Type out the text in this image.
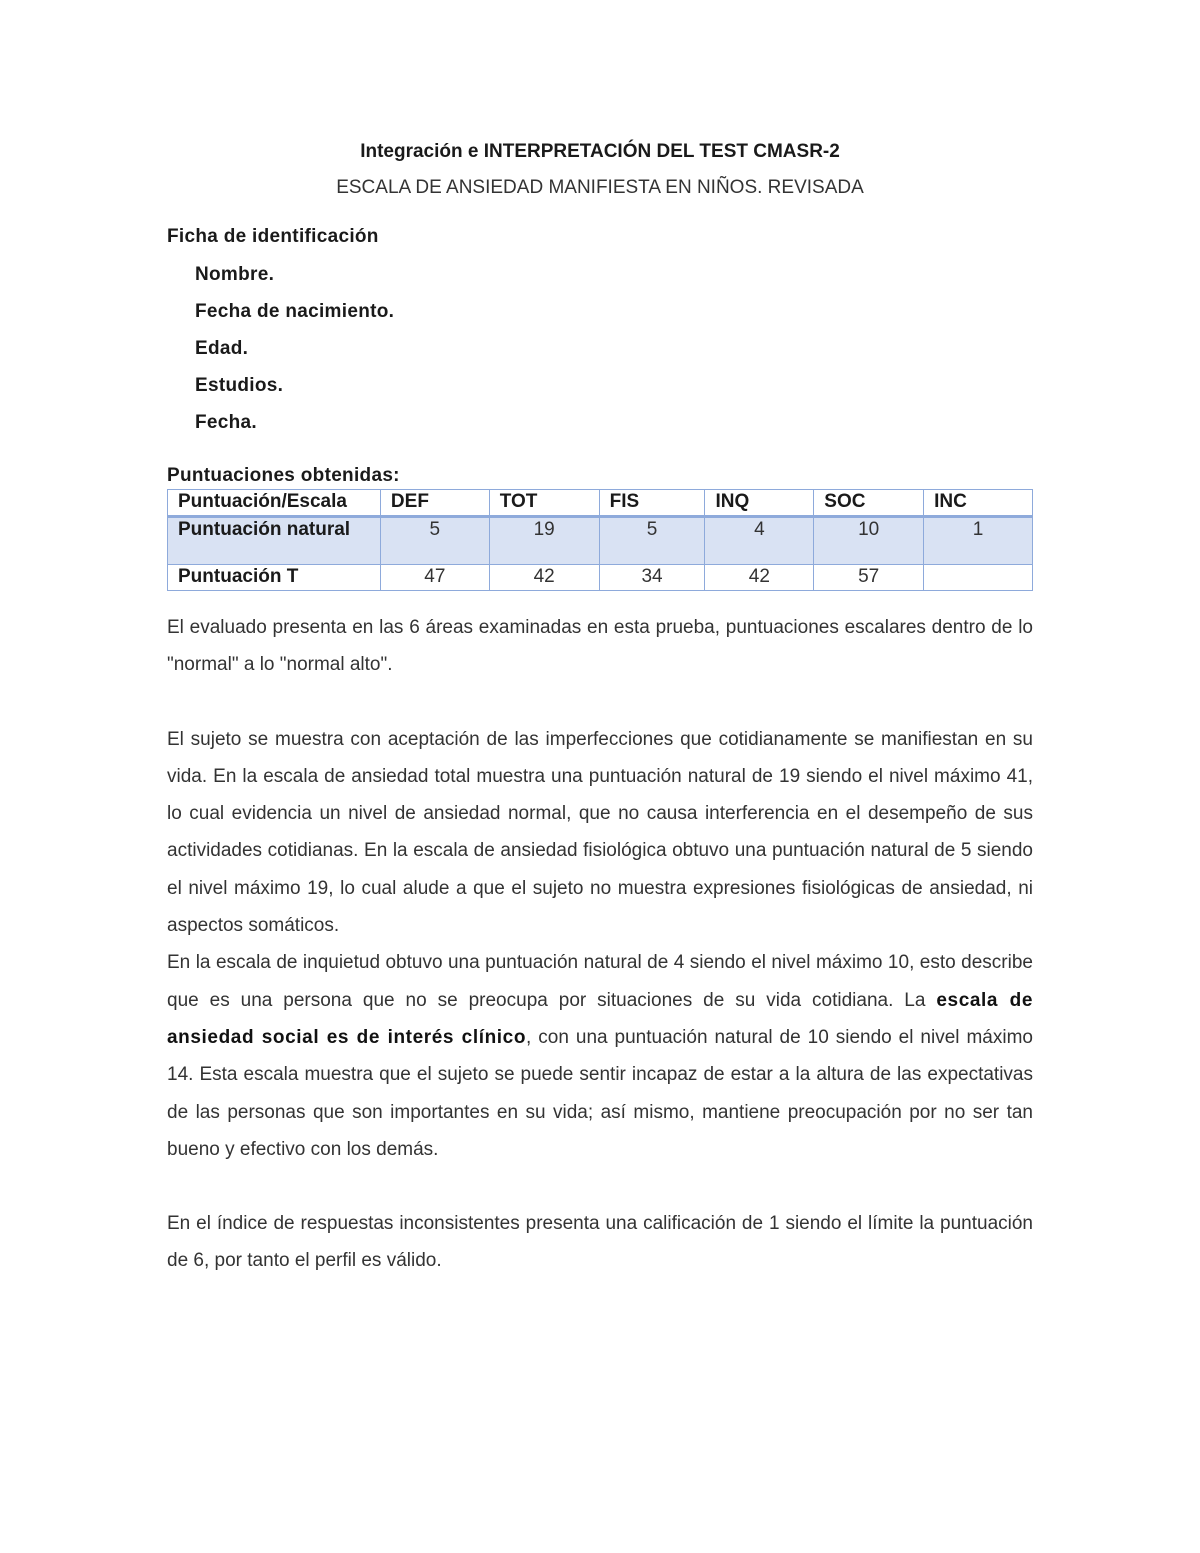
Integración e INTERPRETACIÓN DEL TEST CMASR-2

ESCALA DE ANSIEDAD MANIFIESTA EN NIÑOS. REVISADA

Ficha de identificación

Nombre.
Fecha de nacimiento.
Edad.
Estudios.
Fecha.

Puntuaciones obtenidas:

Puntuación/Escala	DEF	TOT	FIS	INQ	SOC	INC
Puntuación natural	5	19	5	4	10	1
Puntuación T	47	42	34	42	57	

El evaluado presenta en las 6 áreas examinadas en esta prueba, puntuaciones escalares dentro de lo "normal" a lo "normal alto".

El sujeto se muestra con aceptación de las imperfecciones que cotidianamente se manifiestan en su vida. En la escala de ansiedad total muestra una puntuación natural de 19 siendo el nivel máximo 41, lo cual evidencia un nivel de ansiedad normal, que no causa interferencia en el desempeño de sus actividades cotidianas. En la escala de ansiedad fisiológica obtuvo una puntuación natural de 5 siendo el nivel máximo 19, lo cual alude a que el sujeto no muestra expresiones fisiológicas de ansiedad, ni aspectos somáticos.

En la escala de inquietud obtuvo una puntuación natural de 4 siendo el nivel máximo 10, esto describe que es una persona que no se preocupa por situaciones de su vida cotidiana. La escala de ansiedad social es de interés clínico, con una puntuación natural de 10 siendo el nivel máximo 14. Esta escala muestra que el sujeto se puede sentir incapaz de estar a la altura de las expectativas de las personas que son importantes en su vida; así mismo, mantiene preocupación por no ser tan bueno y efectivo con los demás.

En el índice de respuestas inconsistentes presenta una calificación de 1 siendo el límite la puntuación de 6, por tanto el perfil es válido.
